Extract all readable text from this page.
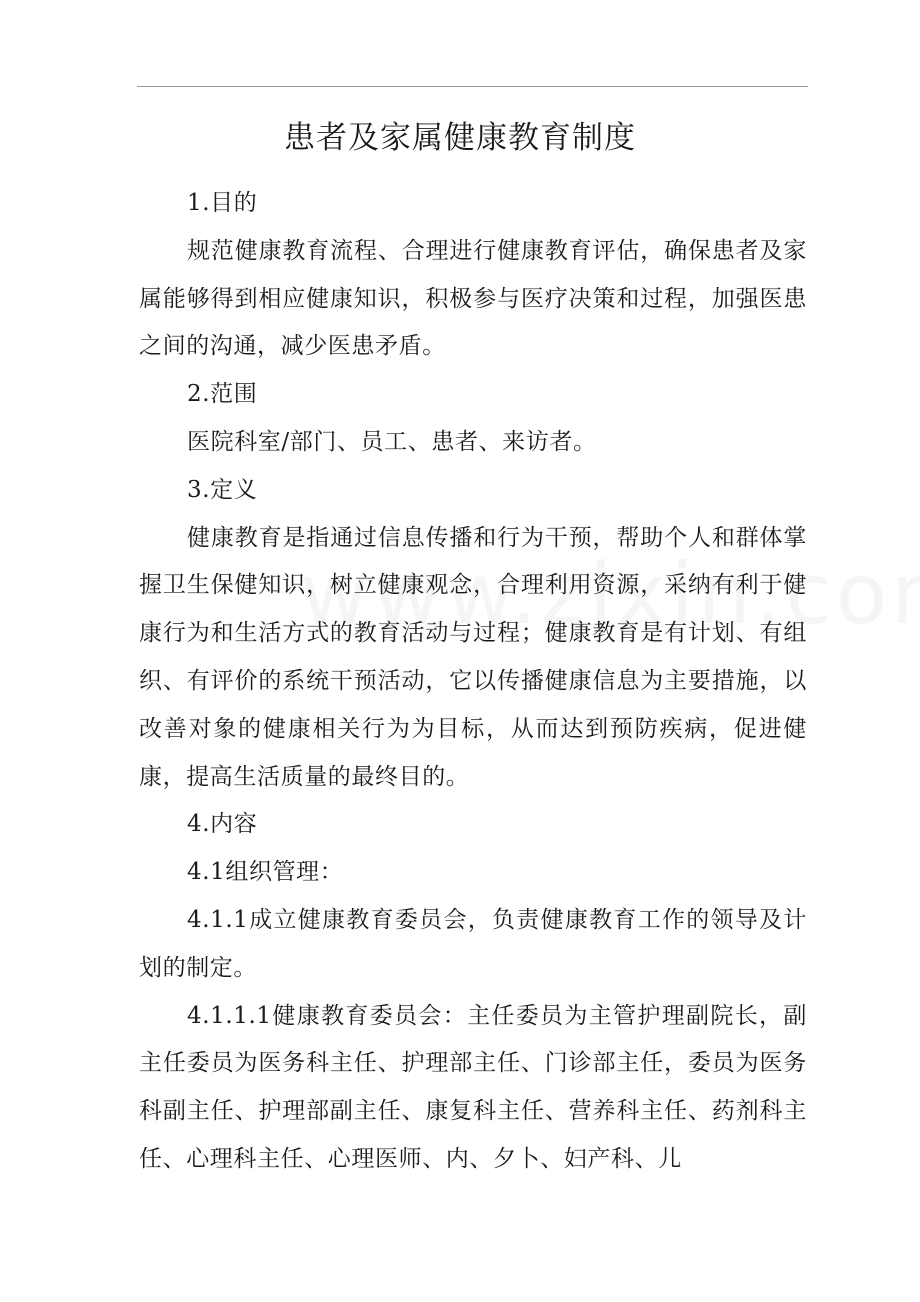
患者及家属健康教育制度

1.目的

规范健康教育流程、合理进行健康教育评估，确保患者及家属能够得到相应健康知识，积极参与医疗决策和过程，加强医患之间的沟通，减少医患矛盾。

2.范围

医院科室/部门、员工、患者、来访者。

3.定义

健康教育是指通过信息传播和行为干预，帮助个人和群体掌握卫生保健知识，树立健康观念，合理利用资源，采纳有利于健康行为和生活方式的教育活动与过程；健康教育是有计划、有组织、有评价的系统干预活动，它以传播健康信息为主要措施，以改善对象的健康相关行为为目标，从而达到预防疾病，促进健康，提高生活质量的最终目的。

4.内容

4.1组织管理：

4.1.1成立健康教育委员会，负责健康教育工作的领导及计划的制定。

4.1.1.1健康教育委员会：主任委员为主管护理副院长，副主任委员为医务科主任、护理部主任、门诊部主任，委员为医务科副主任、护理部副主任、康复科主任、营养科主任、药剂科主任、心理科主任、心理医师、内、夕卜、妇产科、儿
